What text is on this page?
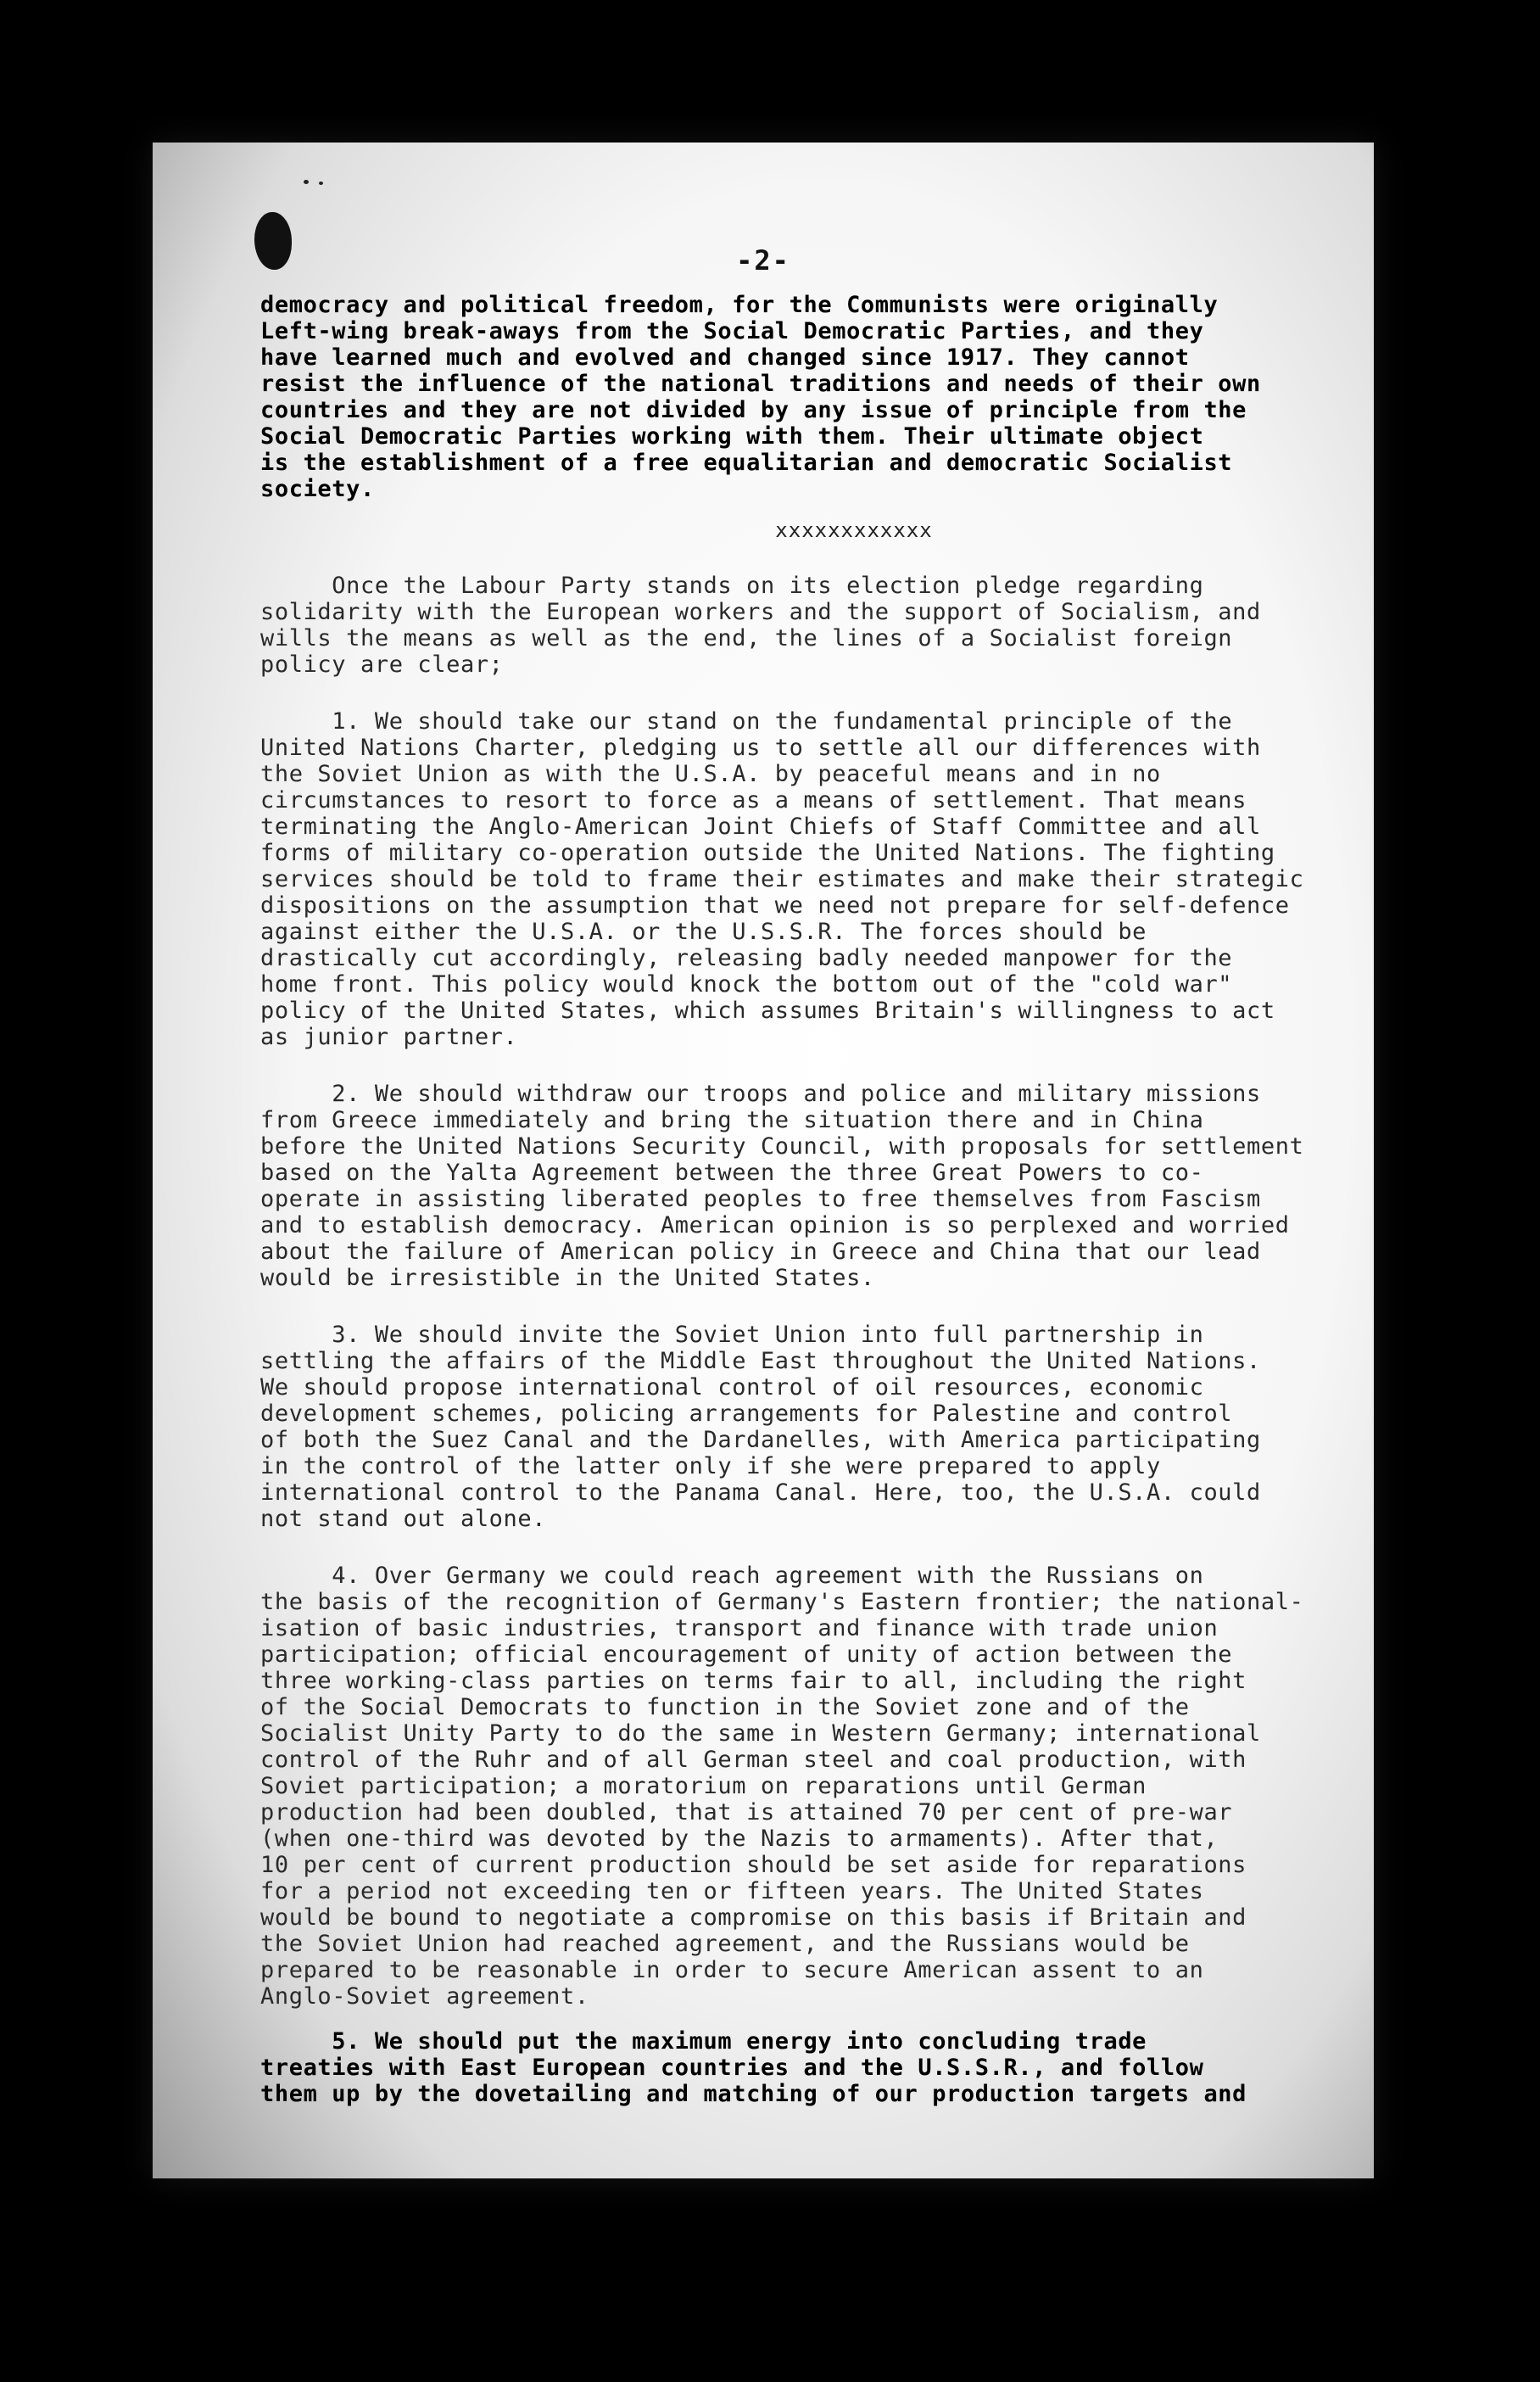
-2-

democracy and political freedom, for the Communists were originally
Left-wing break-aways from the Social Democratic Parties, and they
have learned much and evolved and changed since 1917. They cannot
resist the influence of the national traditions and needs of their own
countries and they are not divided by any issue of principle from the
Social Democratic Parties working with them. Their ultimate object
is the establishment of a free equalitarian and democratic Socialist
society.

xxxxxxxxxxxx

Once the Labour Party stands on its election pledge regarding
solidarity with the European workers and the support of Socialism, and
wills the means as well as the end, the lines of a Socialist foreign
policy are clear;

1. We should take our stand on the fundamental principle of the
United Nations Charter, pledging us to settle all our differences with
the Soviet Union as with the U.S.A. by peaceful means and in no
circumstances to resort to force as a means of settlement. That means
terminating the Anglo-American Joint Chiefs of Staff Committee and all
forms of military co-operation outside the United Nations. The fighting
services should be told to frame their estimates and make their strategic
dispositions on the assumption that we need not prepare for self-defence
against either the U.S.A. or the U.S.S.R. The forces should be
drastically cut accordingly, releasing badly needed manpower for the
home front. This policy would knock the bottom out of the "cold war"
policy of the United States, which assumes Britain's willingness to act
as junior partner.

2. We should withdraw our troops and police and military missions
from Greece immediately and bring the situation there and in China
before the United Nations Security Council, with proposals for settlement
based on the Yalta Agreement between the three Great Powers to co-
operate in assisting liberated peoples to free themselves from Fascism
and to establish democracy. American opinion is so perplexed and worried
about the failure of American policy in Greece and China that our lead
would be irresistible in the United States.

3. We should invite the Soviet Union into full partnership in
settling the affairs of the Middle East throughout the United Nations.
We should propose international control of oil resources, economic
development schemes, policing arrangements for Palestine and control
of both the Suez Canal and the Dardanelles, with America participating
in the control of the latter only if she were prepared to apply
international control to the Panama Canal. Here, too, the U.S.A. could
not stand out alone.

4. Over Germany we could reach agreement with the Russians on
the basis of the recognition of Germany's Eastern frontier; the national-
isation of basic industries, transport and finance with trade union
participation; official encouragement of unity of action between the
three working-class parties on terms fair to all, including the right
of the Social Democrats to function in the Soviet zone and of the
Socialist Unity Party to do the same in Western Germany; international
control of the Ruhr and of all German steel and coal production, with
Soviet participation; a moratorium on reparations until German
production had been doubled, that is attained 70 per cent of pre-war
(when one-third was devoted by the Nazis to armaments). After that,
10 per cent of current production should be set aside for reparations
for a period not exceeding ten or fifteen years. The United States
would be bound to negotiate a compromise on this basis if Britain and
the Soviet Union had reached agreement, and the Russians would be
prepared to be reasonable in order to secure American assent to an
Anglo-Soviet agreement.

5. We should put the maximum energy into concluding trade
treaties with East European countries and the U.S.S.R., and follow
them up by the dovetailing and matching of our production targets and
